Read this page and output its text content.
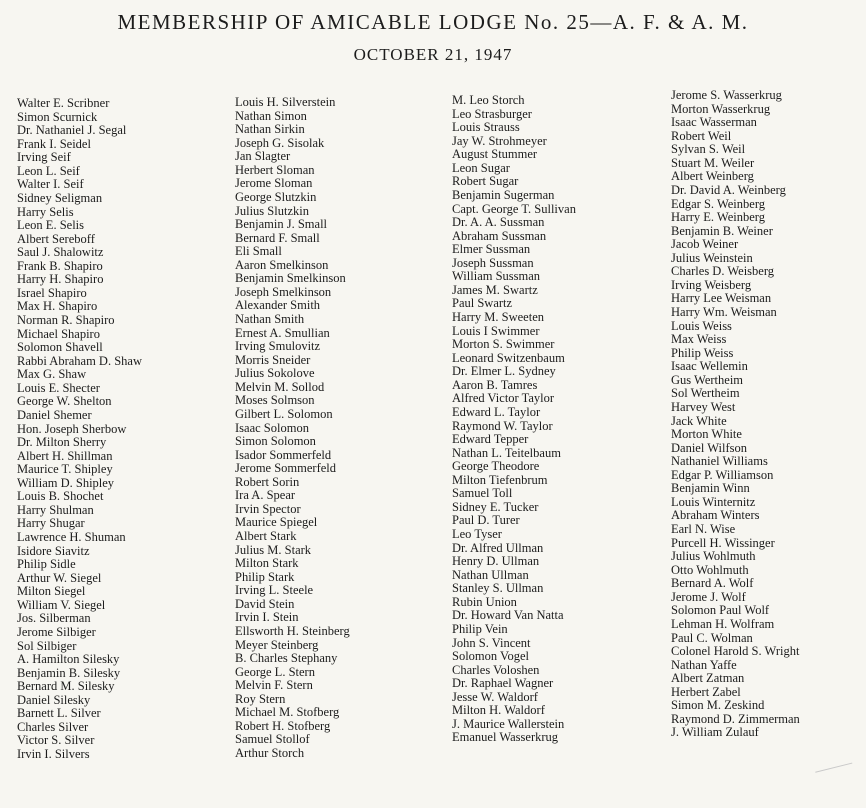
MEMBERSHIP OF AMICABLE LODGE No. 25—A. F. & A. M.
OCTOBER 21, 1947
Walter E. Scribner
Simon Scurnick
Dr. Nathaniel J. Segal
Frank I. Seidel
Irving Seif
Leon L. Seif
Walter I. Seif
Sidney Seligman
Harry Selis
Leon E. Selis
Albert Sereboff
Saul J. Shalowitz
Frank B. Shapiro
Harry H. Shapiro
Israel Shapiro
Max H. Shapiro
Norman R. Shapiro
Michael Shapiro
Solomon Shavell
Rabbi Abraham D. Shaw
Max G. Shaw
Louis E. Shecter
George W. Shelton
Daniel Shemer
Hon. Joseph Sherbow
Dr. Milton Sherry
Albert H. Shillman
Maurice T. Shipley
William D. Shipley
Louis B. Shochet
Harry Shulman
Harry Shugar
Lawrence H. Shuman
Isidore Siavitz
Philip Sidle
Arthur W. Siegel
Milton Siegel
William V. Siegel
Jos. Silberman
Jerome Silbiger
Sol Silbiger
A. Hamilton Silesky
Benjamin B. Silesky
Bernard M. Silesky
Daniel Silesky
Barnett L. Silver
Charles Silver
Victor S. Silver
Irvin I. Silvers
Louis H. Silverstein
Nathan Simon
Nathan Sirkin
Joseph G. Sisolak
Jan Slagter
Herbert Sloman
Jerome Sloman
George Slutzkin
Julius Slutzkin
Benjamin J. Small
Bernard F. Small
Eli Small
Aaron Smelkinson
Benjamin Smelkinson
Joseph Smelkinson
Alexander Smith
Nathan Smith
Ernest A. Smullian
Irving Smulovitz
Morris Sneider
Julius Sokolove
Melvin M. Sollod
Moses Solmson
Gilbert L. Solomon
Isaac Solomon
Simon Solomon
Isador Sommerfeld
Jerome Sommerfeld
Robert Sorin
Ira A. Spear
Irvin Spector
Maurice Spiegel
Albert Stark
Julius M. Stark
Milton Stark
Philip Stark
Irving L. Steele
David Stein
Irvin I. Stein
Ellsworth H. Steinberg
Meyer Steinberg
B. Charles Stephany
George L. Stern
Melvin F. Stern
Roy Stern
Michael M. Stofberg
Robert H. Stofberg
Samuel Stollof
Arthur Storch
M. Leo Storch
Leo Strasburger
Louis Strauss
Jay W. Strohmeyer
August Stummer
Leon Sugar
Robert Sugar
Benjamin Sugerman
Capt. George T. Sullivan
Dr. A. A. Sussman
Abraham Sussman
Elmer Sussman
Joseph Sussman
William Sussman
James M. Swartz
Paul Swartz
Harry M. Sweeten
Louis I Swimmer
Morton S. Swimmer
Leonard Switzenbaum
Dr. Elmer L. Sydney
Aaron B. Tamres
Alfred Victor Taylor
Edward L. Taylor
Raymond W. Taylor
Edward Tepper
Nathan L. Teitelbaum
George Theodore
Milton Tiefenbrum
Samuel Toll
Sidney E. Tucker
Paul D. Turer
Leo Tyser
Dr. Alfred Ullman
Henry D. Ullman
Nathan Ullman
Stanley S. Ullman
Rubin Union
Dr. Howard Van Natta
Philip Vein
John S. Vincent
Solomon Vogel
Charles Voloshen
Dr. Raphael Wagner
Jesse W. Waldorf
Milton H. Waldorf
J. Maurice Wallerstein
Emanuel Wasserkrug
Jerome S. Wasserkrug
Morton Wasserkrug
Isaac Wasserman
Robert Weil
Sylvan S. Weil
Stuart M. Weiler
Albert Weinberg
Dr. David A. Weinberg
Edgar S. Weinberg
Harry E. Weinberg
Benjamin B. Weiner
Jacob Weiner
Julius Weinstein
Charles D. Weisberg
Irving Weisberg
Harry Lee Weisman
Harry Wm. Weisman
Louis Weiss
Max Weiss
Philip Weiss
Isaac Wellemin
Gus Wertheim
Sol Wertheim
Harvey West
Jack White
Morton White
Daniel Wilfson
Nathaniel Williams
Edgar P. Williamson
Benjamin Winn
Louis Winternitz
Abraham Winters
Earl N. Wise
Purcell H. Wissinger
Julius Wohlmuth
Otto Wohlmuth
Bernard A. Wolf
Jerome J. Wolf
Solomon Paul Wolf
Lehman H. Wolfram
Paul C. Wolman
Colonel Harold S. Wright
Nathan Yaffe
Albert Zatman
Herbert Zabel
Simon M. Zeskind
Raymond D. Zimmerman
J. William Zulauf
